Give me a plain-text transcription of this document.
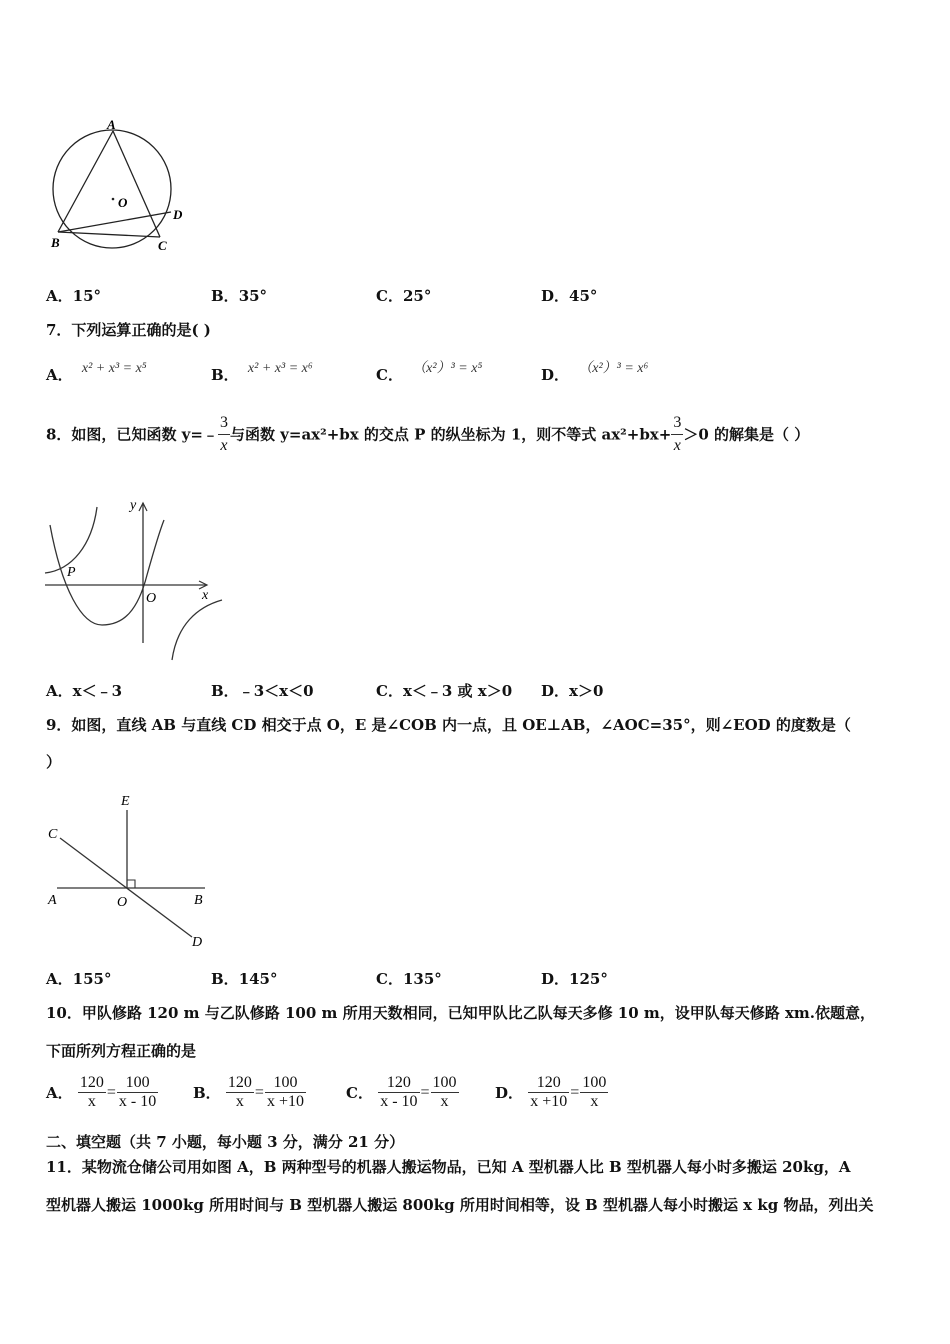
A
O
D
B	C
A．15°	B．35°	C．25°	D．45°
7．下列运算正确的是( )
A． x² + x³ = x⁵	B． x² + x³ = x⁶	C． （x²）³ = x⁵	D． （x²）³ = x⁶
8．如图，已知函数 y=﹣ $\frac{3}{x}$ 与函数 y=ax²+bx 的交点 P 的纵坐标为 1，则不等式 $ax^2+bx+ \frac{3}{x} >0$ 的解集是（ ）
y
x
O
P
A．x＜﹣3	B．﹣3＜x＜0	C．x＜﹣3 或 x＞0 D．x＞0
9．如图，直线 AB 与直线 CD 相交于点 O，E 是∠COB 内一点，且 OE⊥AB，∠AOC=35°，则∠EOD 的度数是（
）
E
C
A	O	B
D
A．155°	B．145°	C．135°	D．125°
10．甲队修路 120 m 与乙队修路 100 m 所用天数相同，已知甲队比乙队每天多修 10 m，设甲队每天修路 xm.依题意，
下面所列方程正确的是
A． $\frac{120}{x} = \frac{100}{x - 10}$ B． $\frac{120}{x} = \frac{100}{x +10}$	C． $\frac{120}{x - 10} = \frac{100}{x}$ D． $\frac{120}{x +10} = \frac{100}{x}$
二、填空题（共 7 小题，每小题 3 分，满分 21 分）
11．某物流仓储公司用如图 A，B 两种型号的机器人搬运物品，已知 A 型机器人比 B 型机器人每小时多搬运 20kg，A
型机器人搬运 1000kg 所用时间与 B 型机器人搬运 800kg 所用时间相等，设 B 型机器人每小时搬运 x kg 物品，列出关
